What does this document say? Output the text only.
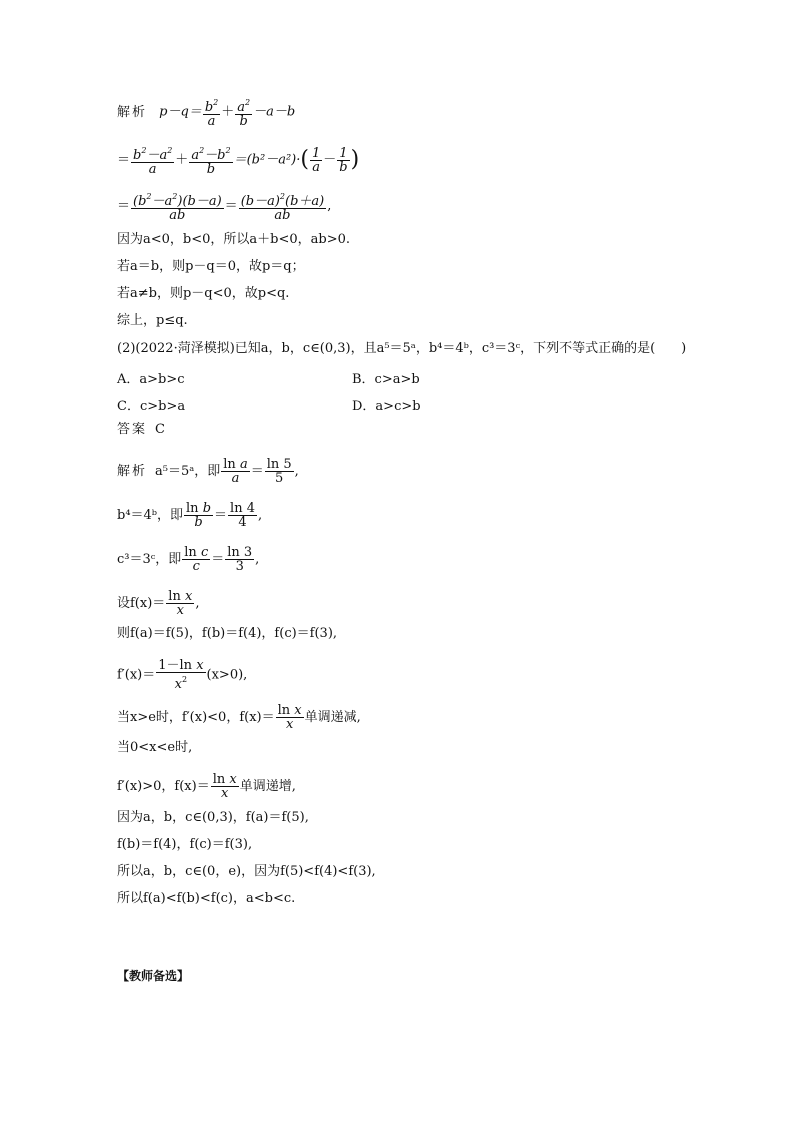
解析 $p-q= \frac{b^2}{a} + \frac{a^2}{b} -a-b$
＝ $\frac{b^2-a^2}{a} + \frac{a^2-b^2}{b} =(b^2-a^2)\cdot( \frac{1}{a} - \frac{1}{b}$ )
＝ $\frac{(b^2-a^2)(b-a)}{ab} = \frac{(b-a)^2(b+a)}{ab}$ ,
因为a<0，b<0，所以a＋b<0，ab>0.
若a＝b，则p－q＝0，故p＝q；
若a≠b，则p－q<0，故p<q.
综上，p≤q.
(2)(2022·菏泽模拟)已知a，b，c∈(0,3)，且a⁵＝5ᵃ，b⁴＝4ᵇ，c³＝3ᶜ，下列不等式正确的是(　　)
A．a>b>c	B．c>a>b
C．c>b>a	D．a>c>b
答案 C
解析 a⁵＝5ᵃ，即 $\frac{\text{ln a}}{a} = \frac{\ln 5}{5}$ ,
b⁴＝4ᵇ，即 $\frac{\text{ln b}}{b} = \frac{\ln 4}{4}$ ,
c³＝3ᶜ，即 $\frac{\text{ln c}}{c} = \frac{\ln 3}{3}$ ,
设$f(x)= \frac{\text{ln x}}{x}$ ,
则f(a)＝f(5)，f(b)＝f(4)，f(c)＝f(3),
$f'(x)= \frac{\text{1－ln x}}{x^2} (x>0)$,
当x>e时，f′(x)<0，$f(x)= \frac{\text{ln x}}{x}$ 单调递减,
当0<x<e时,
f′(x)>0，$f(x)= \frac{\text{ln x}}{x}$ 单调递增,
因为a，b，c∈(0,3)，f(a)＝f(5),
f(b)＝f(4)，f(c)＝f(3),
所以a，b，c∈(0，e)，因为f(5)<f(4)<f(3),
所以f(a)<f(b)<f(c)，a<b<c.
【教师备选】
